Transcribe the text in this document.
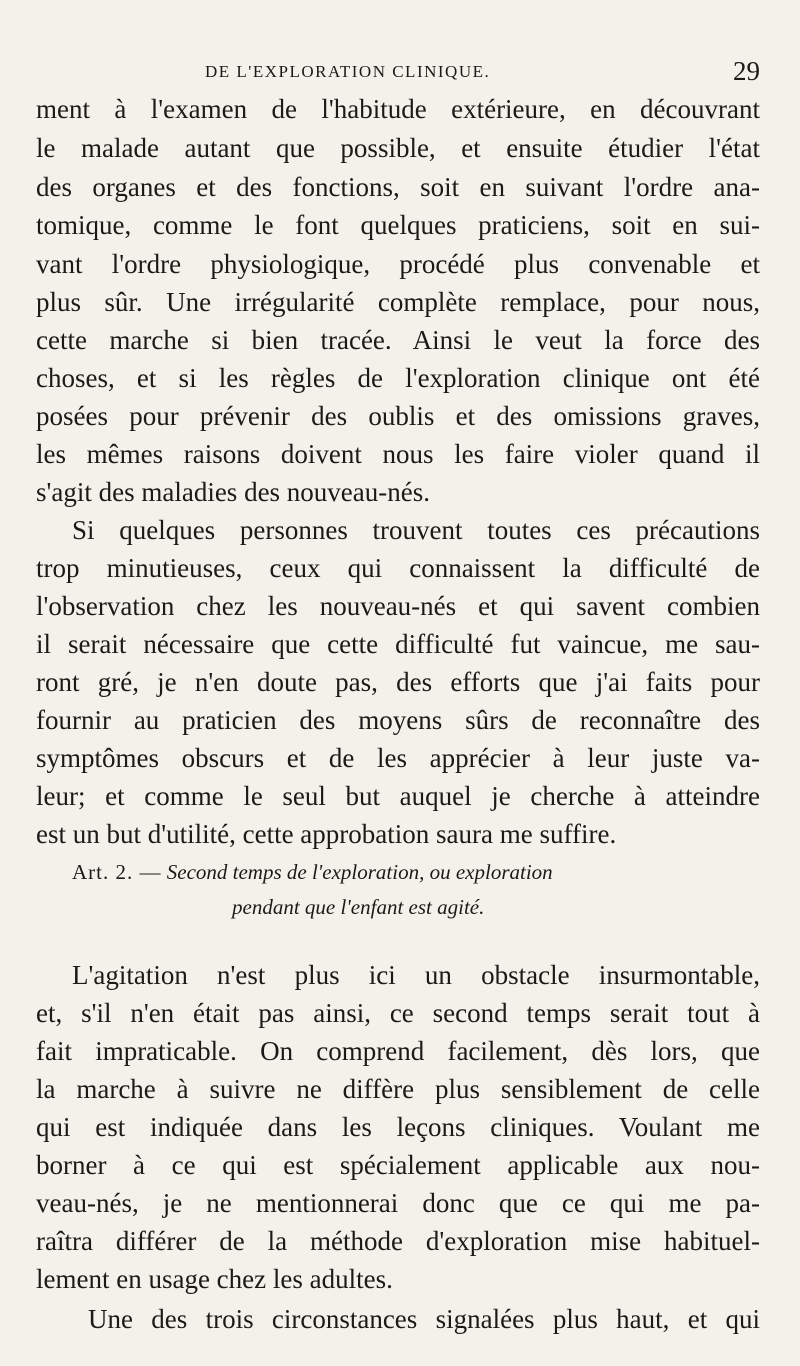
DE L'EXPLORATION CLINIQUE.	29
ment à l'examen de l'habitude extérieure, en découvrant
le malade autant que possible, et ensuite étudier l'état
des organes et des fonctions, soit en suivant l'ordre ana-
tomique, comme le font quelques praticiens, soit en sui-
vant l'ordre physiologique, procédé plus convenable et
plus sûr. Une irrégularité complète remplace, pour nous,
cette marche si bien tracée. Ainsi le veut la force des
choses, et si les règles de l'exploration clinique ont été
posées pour prévenir des oublis et des omissions graves,
les mêmes raisons doivent nous les faire violer quand il
s'agit des maladies des nouveau-nés.
Si quelques personnes trouvent toutes ces précautions
trop minutieuses, ceux qui connaissent la difficulté de
l'observation chez les nouveau-nés et qui savent combien
il serait nécessaire que cette difficulté fut vaincue, me sau-
ront gré, je n'en doute pas, des efforts que j'ai faits pour
fournir au praticien des moyens sûrs de reconnaître des
symptômes obscurs et de les apprécier à leur juste va-
leur; et comme le seul but auquel je cherche à atteindre
est un but d'utilité, cette approbation saura me suffire.
Art. 2. — Second temps de l'exploration, ou exploration
pendant que l'enfant est agité.
L'agitation n'est plus ici un obstacle insurmontable,
et, s'il n'en était pas ainsi, ce second temps serait tout à
fait impraticable. On comprend facilement, dès lors, que
la marche à suivre ne diffère plus sensiblement de celle
qui est indiquée dans les leçons cliniques. Voulant me
borner à ce qui est spécialement applicable aux nou-
veau-nés, je ne mentionnerai donc que ce qui me pa-
raîtra différer de la méthode d'exploration mise habituel-
lement en usage chez les adultes.
Une des trois circonstances signalées plus haut, et qui
